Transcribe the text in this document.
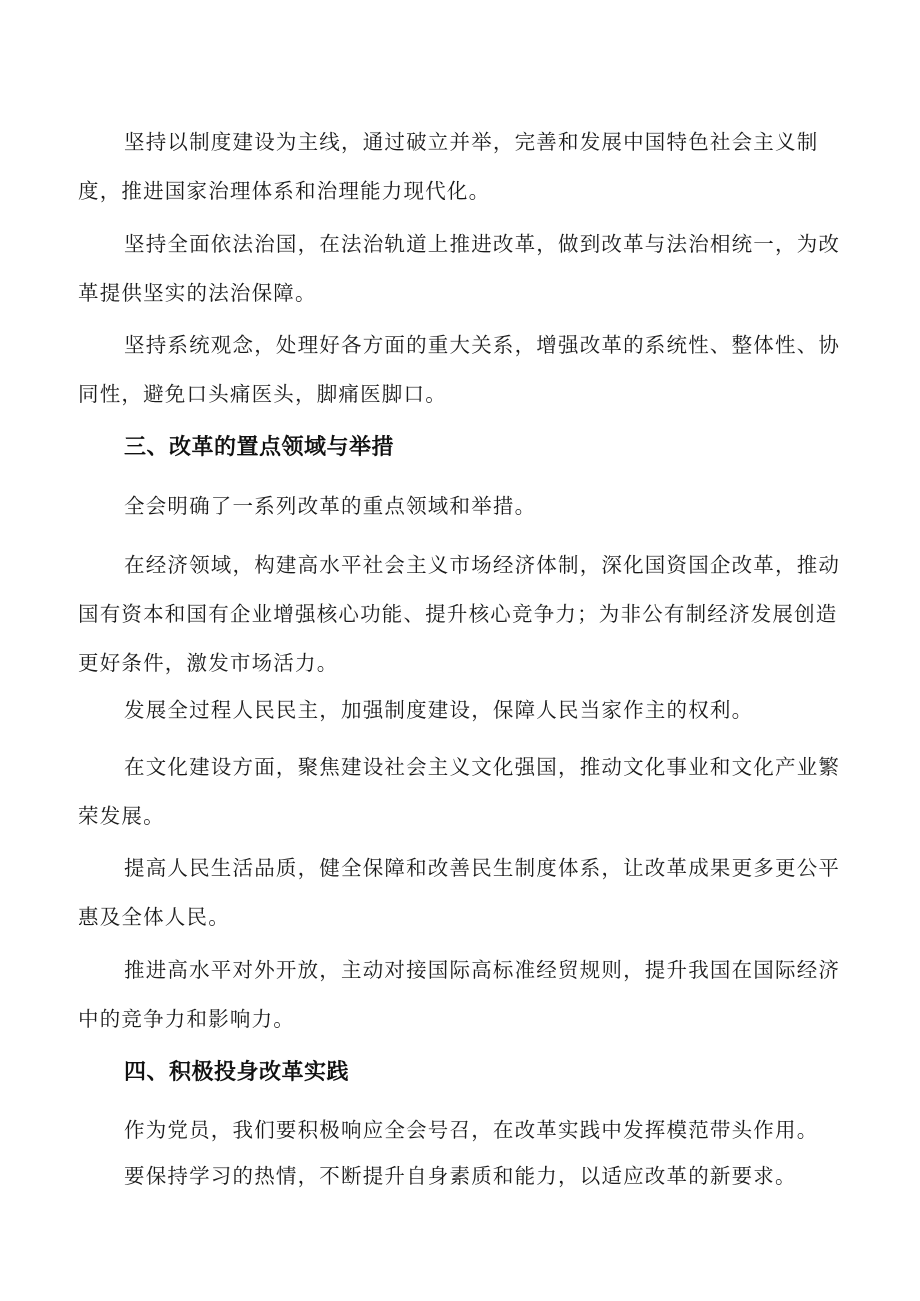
坚持以制度建设为主线，通过破立并举，完善和发展中国特色社会主义制度，推进国家治理体系和治理能力现代化。

坚持全面依法治国，在法治轨道上推进改革，做到改革与法治相统一，为改革提供坚实的法治保障。

坚持系统观念，处理好各方面的重大关系，增强改革的系统性、整体性、协同性，避免口头痛医头，脚痛医脚口。

三、改革的置点领域与举措

全会明确了一系列改革的重点领域和举措。

在经济领域，构建高水平社会主义市场经济体制，深化国资国企改革，推动国有资本和国有企业增强核心功能、提升核心竞争力；为非公有制经济发展创造更好条件，激发市场活力。

发展全过程人民民主，加强制度建设，保障人民当家作主的权利。

在文化建设方面，聚焦建设社会主义文化强国，推动文化事业和文化产业繁荣发展。

提高人民生活品质，健全保障和改善民生制度体系，让改革成果更多更公平惠及全体人民。

推进高水平对外开放，主动对接国际高标准经贸规则，提升我国在国际经济中的竞争力和影响力。

四、积极投身改革实践

作为党员，我们要积极响应全会号召，在改革实践中发挥模范带头作用。

要保持学习的热情，不断提升自身素质和能力，以适应改革的新要求。
